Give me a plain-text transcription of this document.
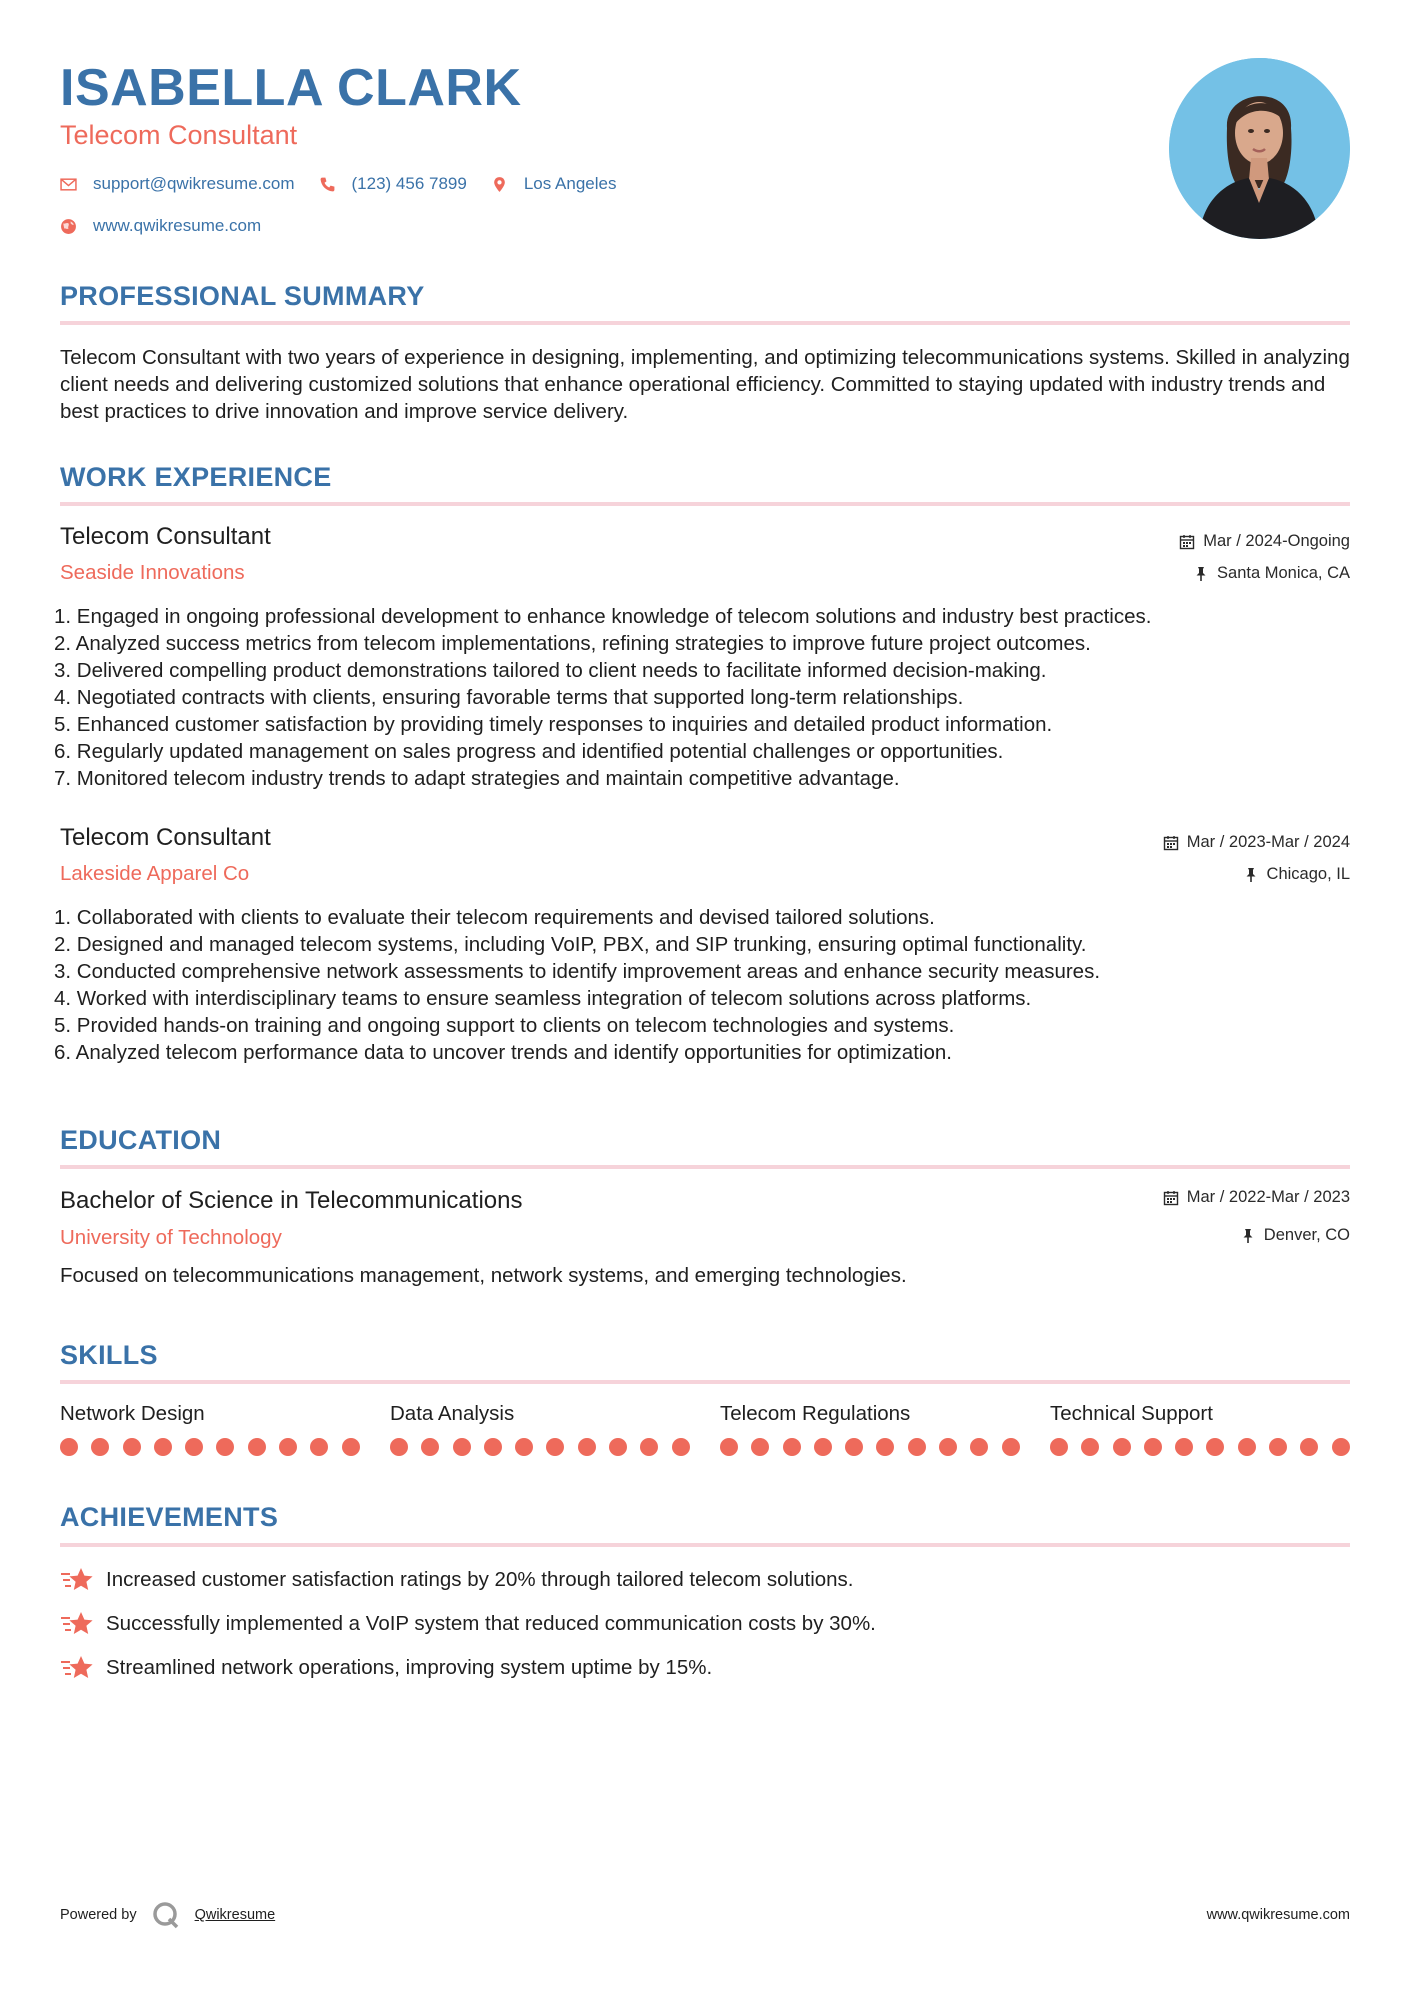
ISABELLA CLARK
Telecom Consultant
support@qwikresume.com	(123) 456 7899	Los Angeles
www.qwikresume.com
PROFESSIONAL SUMMARY
Telecom Consultant with two years of experience in designing, implementing, and optimizing telecommunications systems. Skilled in analyzing client needs and delivering customized solutions that enhance operational efficiency. Committed to staying updated with industry trends and best practices to drive innovation and improve service delivery.
WORK EXPERIENCE
Telecom Consultant	Mar / 2024-Ongoing
Seaside Innovations	Santa Monica, CA
1. Engaged in ongoing professional development to enhance knowledge of telecom solutions and industry best practices.
2. Analyzed success metrics from telecom implementations, refining strategies to improve future project outcomes.
3. Delivered compelling product demonstrations tailored to client needs to facilitate informed decision-making.
4. Negotiated contracts with clients, ensuring favorable terms that supported long-term relationships.
5. Enhanced customer satisfaction by providing timely responses to inquiries and detailed product information.
6. Regularly updated management on sales progress and identified potential challenges or opportunities.
7. Monitored telecom industry trends to adapt strategies and maintain competitive advantage.
Telecom Consultant	Mar / 2023-Mar / 2024
Lakeside Apparel Co	Chicago, IL
1. Collaborated with clients to evaluate their telecom requirements and devised tailored solutions.
2. Designed and managed telecom systems, including VoIP, PBX, and SIP trunking, ensuring optimal functionality.
3. Conducted comprehensive network assessments to identify improvement areas and enhance security measures.
4. Worked with interdisciplinary teams to ensure seamless integration of telecom solutions across platforms.
5. Provided hands-on training and ongoing support to clients on telecom technologies and systems.
6. Analyzed telecom performance data to uncover trends and identify opportunities for optimization.
EDUCATION
Bachelor of Science in Telecommunications	Mar / 2022-Mar / 2023
University of Technology	Denver, CO
Focused on telecommunications management, network systems, and emerging technologies.
SKILLS
Network Design	Data Analysis	Telecom Regulations	Technical Support
ACHIEVEMENTS
Increased customer satisfaction ratings by 20% through tailored telecom solutions.
Successfully implemented a VoIP system that reduced communication costs by 30%.
Streamlined network operations, improving system uptime by 15%.
Powered by	Qwikresume	www.qwikresume.com
